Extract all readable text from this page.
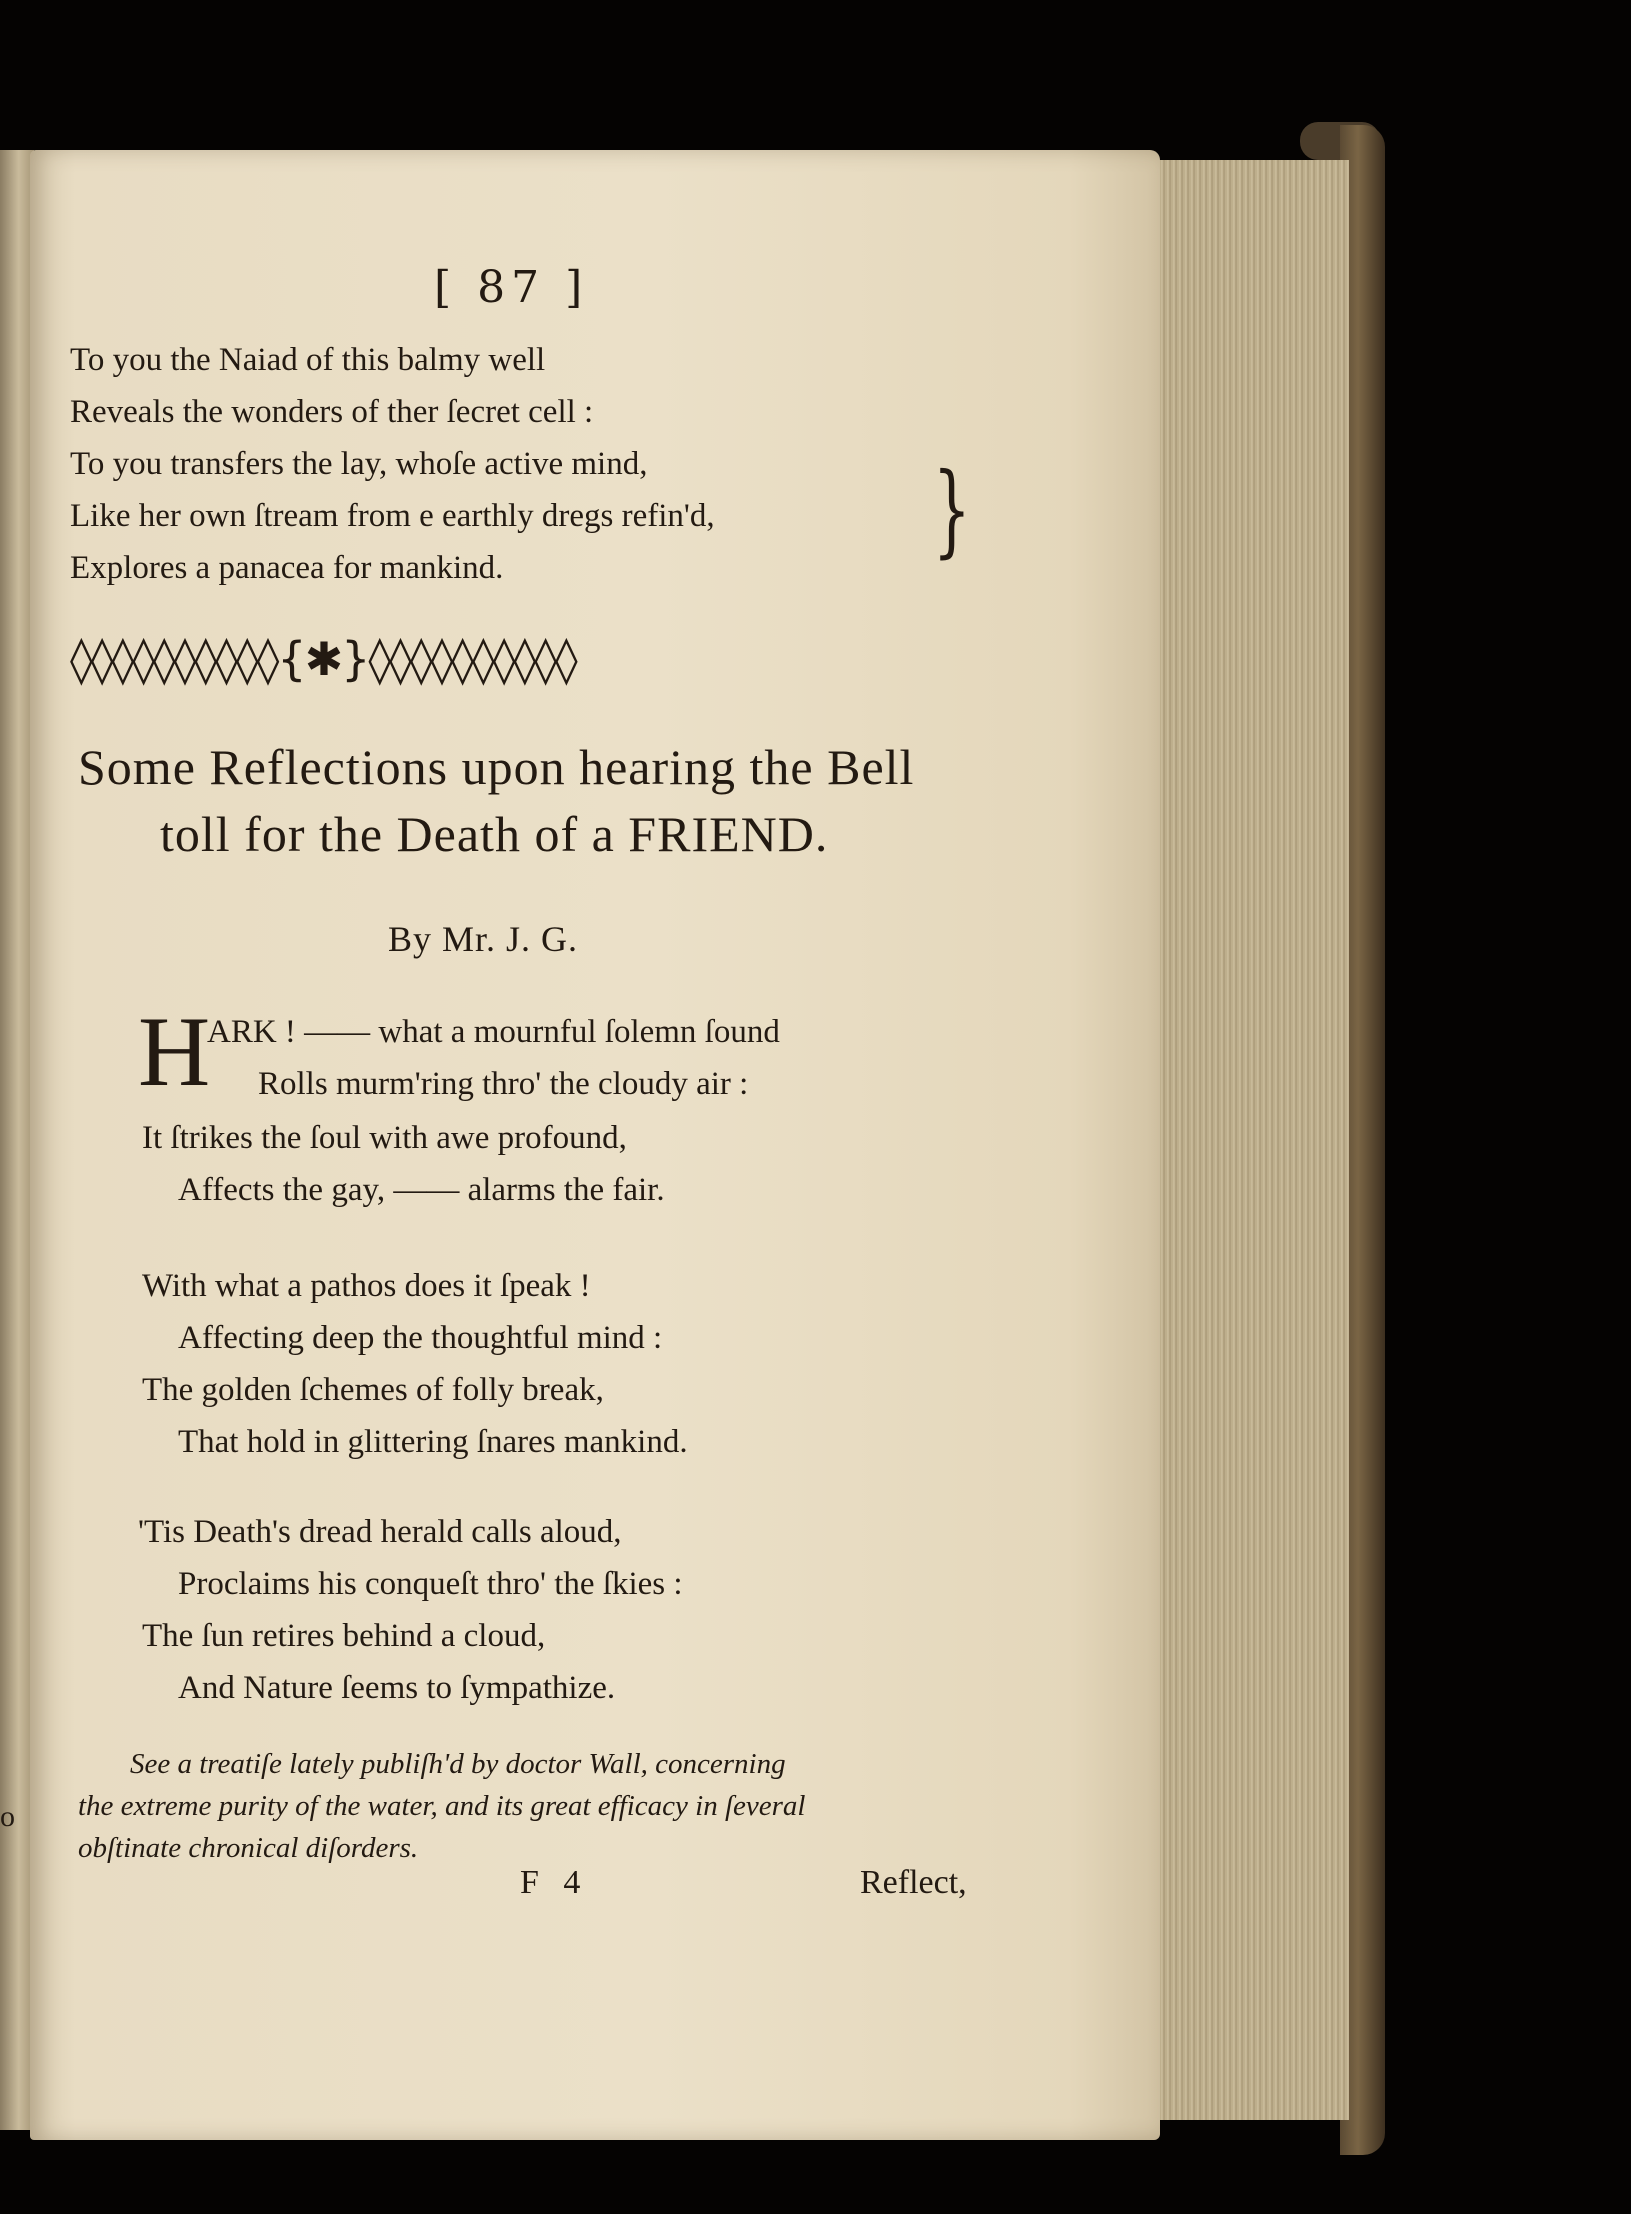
o
[ 87 ]
To you the Naiad of this balmy well
Reveals the wonders of ther ſecret cell :
To you transfers the lay, whoſe active mind,
Like her own ſtream from e earthly dregs refin'd,
Explores a panacea for mankind.	}
◊◊◊◊◊◊◊◊◊◊{✱}◊◊◊◊◊◊◊◊◊◊
Some Reflections upon hearing the Bell
toll for the Death of a FRIEND.
By Mr. J. G.
H
ARK ! —— what a mournful ſolemn ſound
Rolls murm'ring thro' the cloudy air :
It ſtrikes the ſoul with awe profound,
Affects the gay, —— alarms the fair.
With what a pathos does it ſpeak !
Affecting deep the thoughtful mind :
The golden ſchemes of folly break,
That hold in glittering ſnares mankind.
'Tis Death's dread herald calls aloud,
Proclaims his conqueſt thro' the ſkies :
The ſun retires behind a cloud,
And Nature ſeems to ſympathize.
See a treatiſe lately publiſh'd by doctor Wall, concerning
the extreme purity of the water, and its great efficacy in ſeveral
obſtinate chronical diſorders.
F 4	Reflect,
